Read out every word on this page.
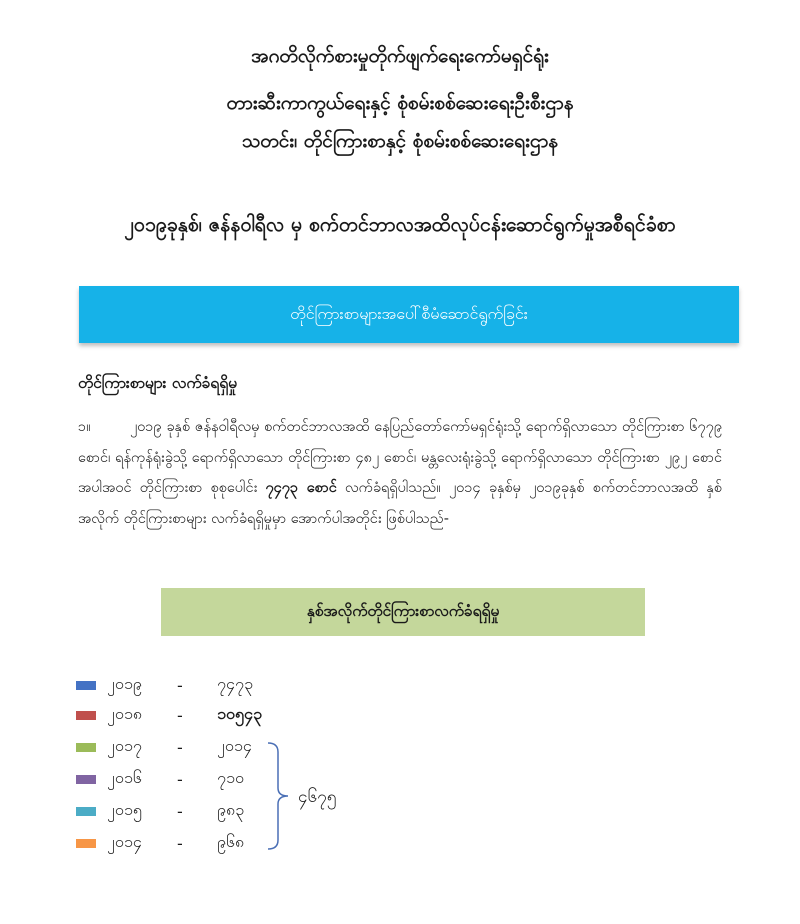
အဂတိလိုက်စားမှုတိုက်ဖျက်ရေးကော်မရှင်ရုံး
တားဆီးကာကွယ်ရေးနှင့် စုံစမ်းစစ်ဆေးရေးဦးစီးဌာန
သတင်း၊ တိုင်ကြားစာနှင့် စုံစမ်းစစ်ဆေးရေးဌာန
၂၀၁၉ခုနှစ်၊ ဇန်နဝါရီလ မှ စက်တင်ဘာလအထိလုပ်ငန်းဆောင်ရွက်မှုအစီရင်ခံစာ
တိုင်ကြားစာများအပေါ်စီမံဆောင်ရွက်ခြင်း
တိုင်ကြားစာများ လက်ခံရရှိမှု
၁။	၂၀၁၉ ခုနှစ် ဇန်နဝါရီလမှ စက်တင်ဘာလအထိ နေပြည်တော်ကော်မရှင်ရုံးသို့ ရောက်ရှိလာသော တိုင်ကြားစာ ၆၇၇၉ စောင်၊ ရန်ကုန်ရုံးခွဲသို့ ရောက်ရှိလာသော တိုင်ကြားစာ ၄၈၂ စောင်၊ မန္တလေးရုံးခွဲသို့ ရောက်ရှိလာသော တိုင်ကြားစာ ၂၉၂ စောင်အပါအဝင် တိုင်ကြားစာ စုစုပေါင်း ၇၄၇၃ စောင် လက်ခံရရှိပါသည်။ ၂၀၁၄ ခုနှစ်မှ ၂၀၁၉ခုနှစ် စက်တင်ဘာလအထိ နှစ်အလိုက် တိုင်ကြားစာများ လက်ခံရရှိမှုမှာ အောက်ပါအတိုင်း ဖြစ်ပါသည်-
နှစ်အလိုက်တိုင်ကြားစာလက်ခံရရှိမှု
၂၀၁၉	-	၇၄၇၃
၂၀၁၈	-	၁၀၅၄၃
၂၀၁၇	-	၂၀၁၄
၂၀၁၆	-	၇၁၀
၂၀၁၅	-	၉၈၃
၂၀၁၄	-	၉၆၈
၄၆၇၅
